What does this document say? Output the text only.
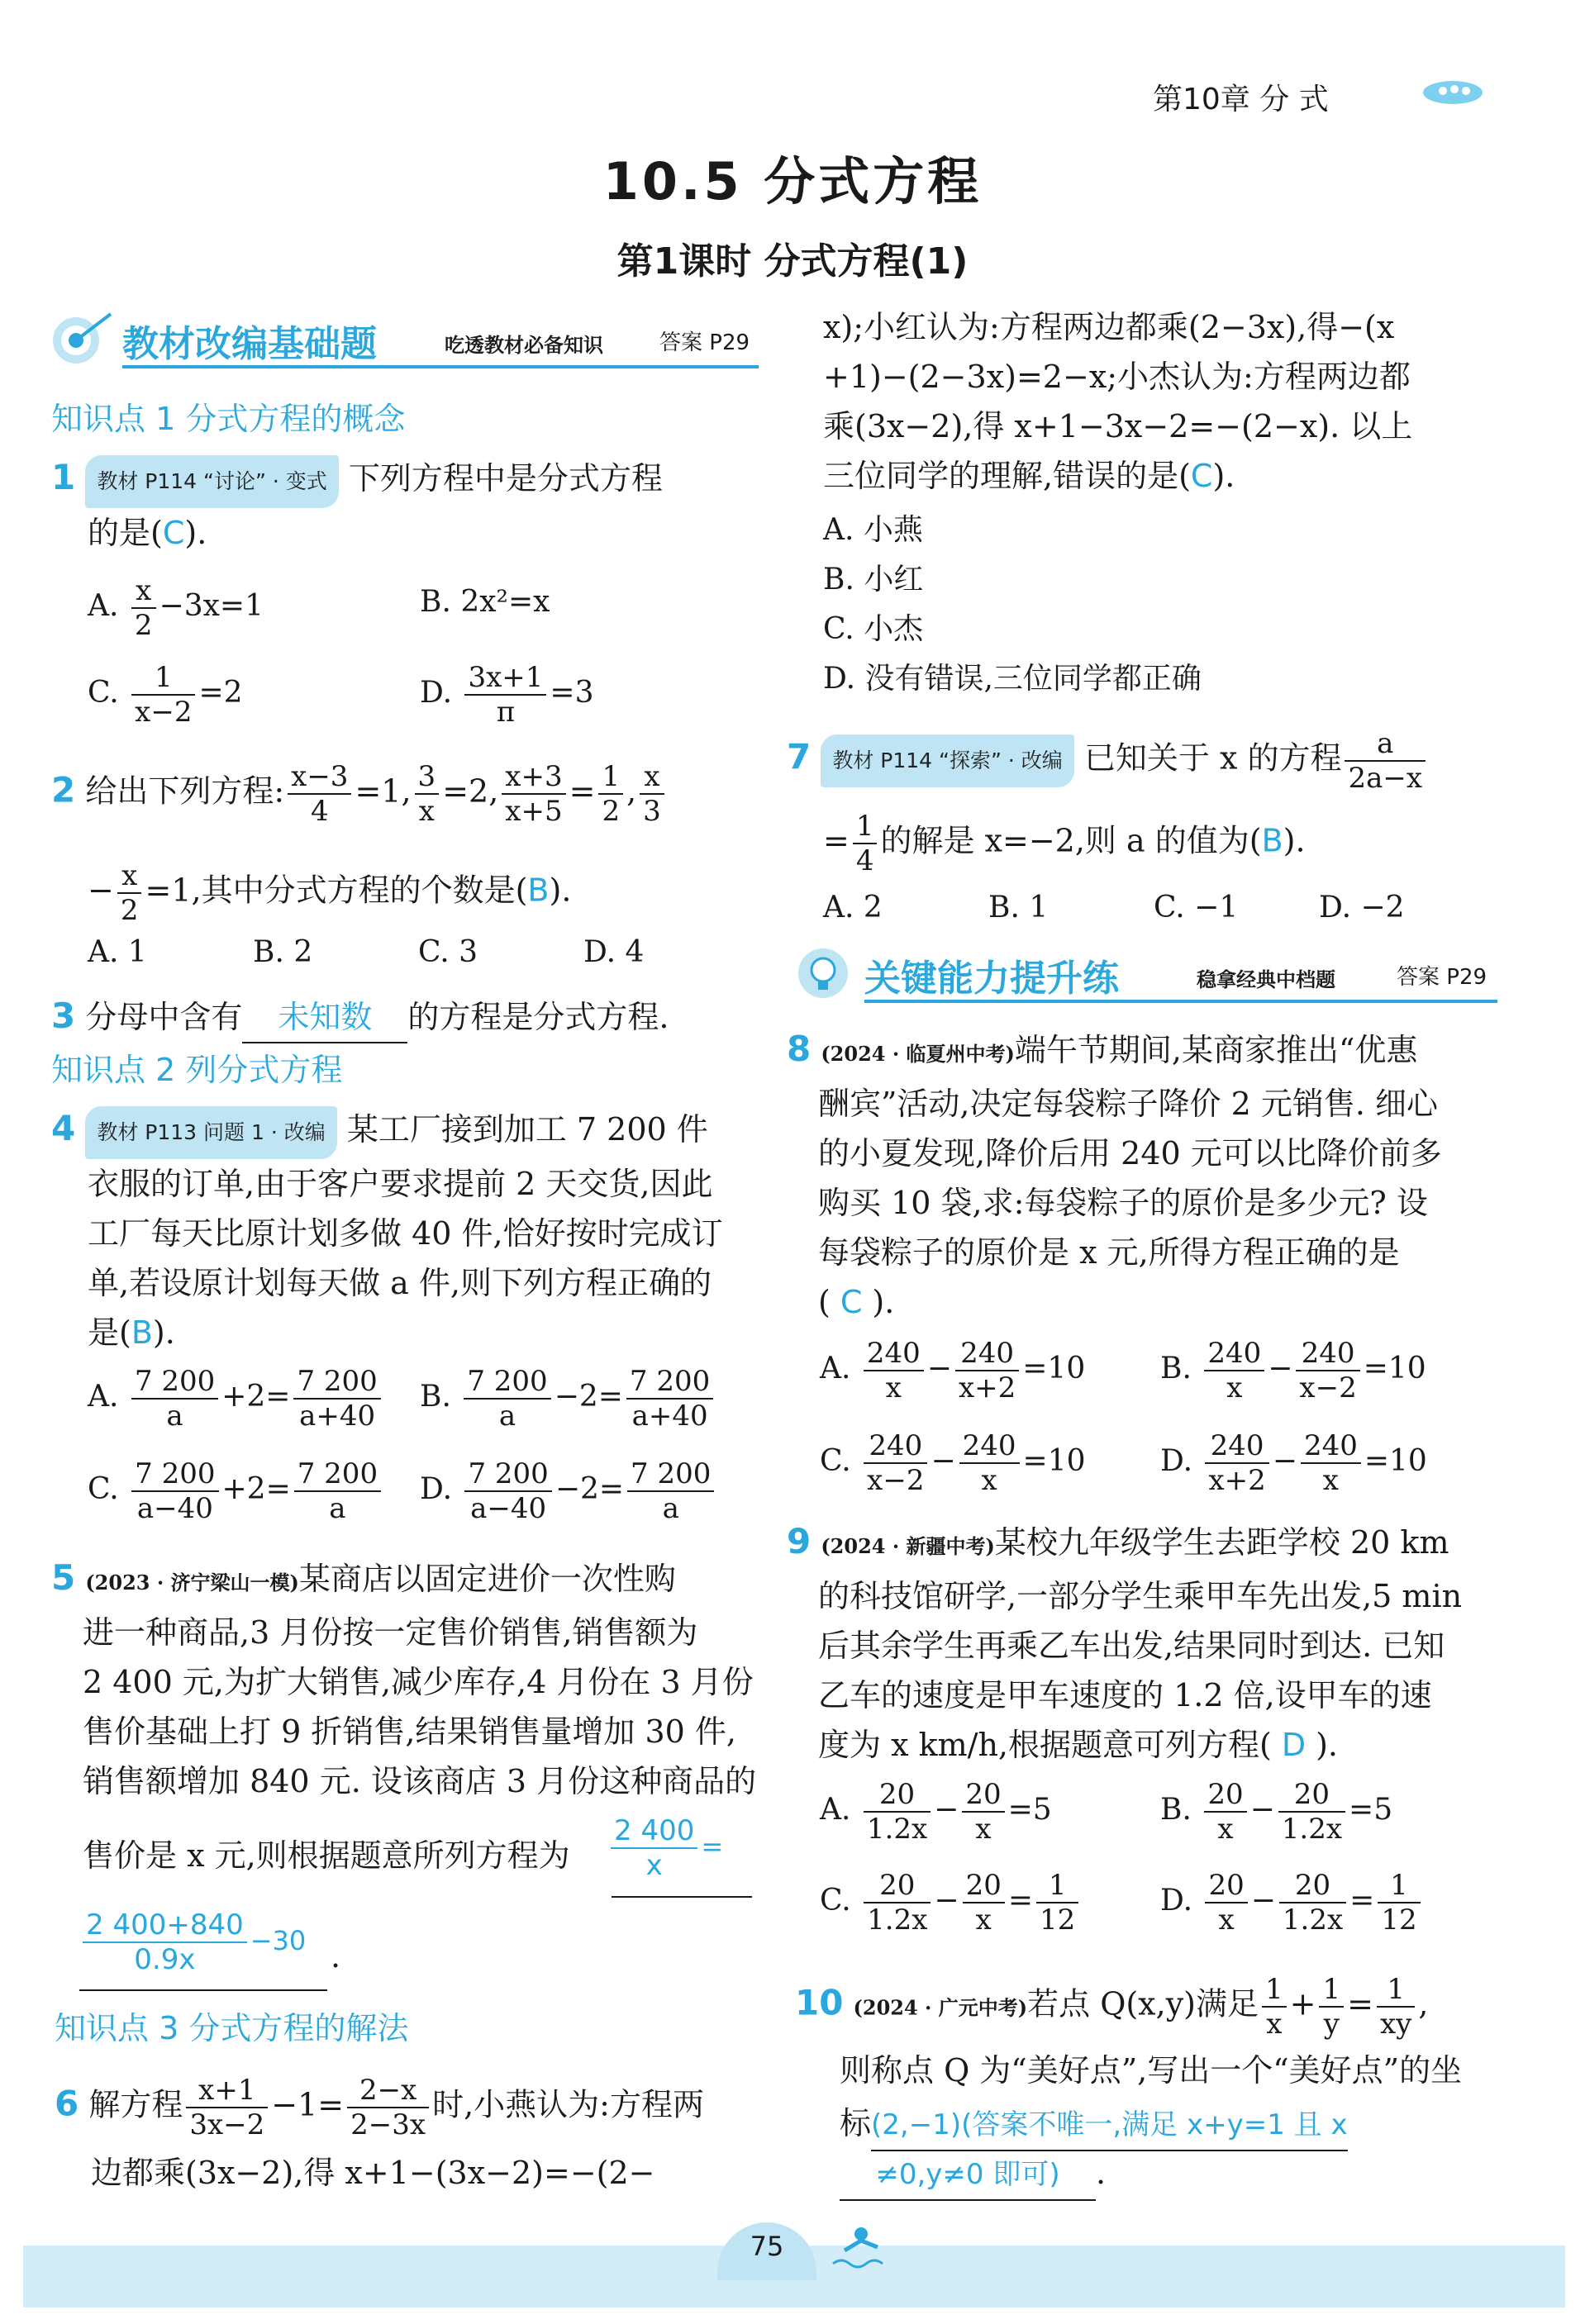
第10章 分 式
10.5 分式方程
第1课时 分式方程(1)
教材改编基础题	吃透教材必备知识	答案 P29
知识点 1 分式方程的概念
1 教材 P114 “讨论” · 变式 下列方程中是分式方程
的是(C).
A. $\frac{x}{2} -3x=1$	B. 2x²=x
C. $\frac{1}{x-2} =2$	D. $\frac{3x+1}{\pi} =3$
2 给出下列方程: $\frac{x-3}{4} =1$, $\frac{3}{x} =2$, $\frac{x+3}{x+5} = \frac{1}{2}$ , $\frac{x}{3}$
− $\frac{x}{2} =1$,其中分式方程的个数是(B).
A. 1	B. 2	C. 3	D. 4
3 分母中含有 未知数 的方程是分式方程.
知识点 2 列分式方程
4 教材 P113 问题 1 · 改编 某工厂接到加工 7 200 件
衣服的订单,由于客户要求提前 2 天交货,因此
工厂每天比原计划多做 40 件,恰好按时完成订
单,若设原计划每天做 a 件,则下列方程正确的
是(B).
A. $\frac{7 200}{a} +2= \frac{7 200}{a+40} B$. $\frac{7 200}{a} -2= \frac{7 200}{a+40}$
C. $\frac{7 200}{a-40} +2= \frac{7 200}{a} D$. $\frac{7 200}{a-40} -2= \frac{7 200}{a}$
5 (2023 · 济宁梁山一模)某商店以固定进价一次性购
进一种商品,3 月份按一定售价销售,销售额为
2 400 元,为扩大销售,减少库存,4 月份在 3 月份
售价基础上打 9 折销售,结果销售量增加 30 件,
销售额增加 840 元. 设该商店 3 月份这种商品的
售价是 x 元,则根据题意所列方程为 $\frac{2 400}{x}$ =
$\frac{2 400+840}{0.9x} -30$ .
知识点 3 分式方程的解法
6 解方程 $\frac{x+1}{3x-2} -1= \frac{2-x}{2-3x}$ 时,小燕认为:方程两
边都乘(3x−2),得 x+1−(3x−2)=−(2−
x);小红认为:方程两边都乘(2−3x),得−(x
+1)−(2−3x)=2−x;小杰认为:方程两边都
乘(3x−2),得 x+1−3x−2=−(2−x). 以上
三位同学的理解,错误的是(C).
A. 小燕
B. 小红
C. 小杰
D. 没有错误,三位同学都正确
7 教材 P114 “探索” · 改编 已知关于 x 的方程 $\frac{a}{2a-x}$
= $\frac{1}{4}$ 的解是 x=−2,则 a 的值为(B).
A. 2	B. 1	C. −1	D. −2
关键能力提升练	稳拿经典中档题	答案 P29
8 (2024 · 临夏州中考)端午节期间,某商家推出“优惠
酬宾”活动,决定每袋粽子降价 2 元销售. 细心
的小夏发现,降价后用 240 元可以比降价前多
购买 10 袋,求:每袋粽子的原价是多少元? 设
每袋粽子的原价是 x 元,所得方程正确的是
( C ).
A. $\frac{240}{x} - \frac{240}{x+2} =10$	B. $\frac{240}{x} - \frac{240}{x-2} =10$
C. $\frac{240}{x-2} - \frac{240}{x} =10$	D. $\frac{240}{x+2} - \frac{240}{x} =10$
9 (2024 · 新疆中考)某校九年级学生去距学校 20 km
的科技馆研学,一部分学生乘甲车先出发,5 min
后其余学生再乘乙车出发,结果同时到达. 已知
乙车的速度是甲车速度的 1.2 倍,设甲车的速
度为 x km/h,根据题意可列方程( D ).
A. $\frac{20}{1.2x} - \frac{20}{x} =5$	B. $\frac{20}{x} - \frac{20}{1.2x} =5$
C. $\frac{20}{1.2x} - \frac{20}{x} = \frac{1}{12}$	D. $\frac{20}{x} - \frac{20}{1.2x} = \frac{1}{12}$
10 (2024 · 广元中考)若点 Q(x,y)满足 $\frac{1}{x} + \frac{1}{y} = \frac{1}{xy}$ ,
则称点 Q 为“美好点”,写出一个“美好点”的坐
标(2,−1)(答案不唯一,满足 x+y=1 且 x
≠0,y≠0 即可) .
75
